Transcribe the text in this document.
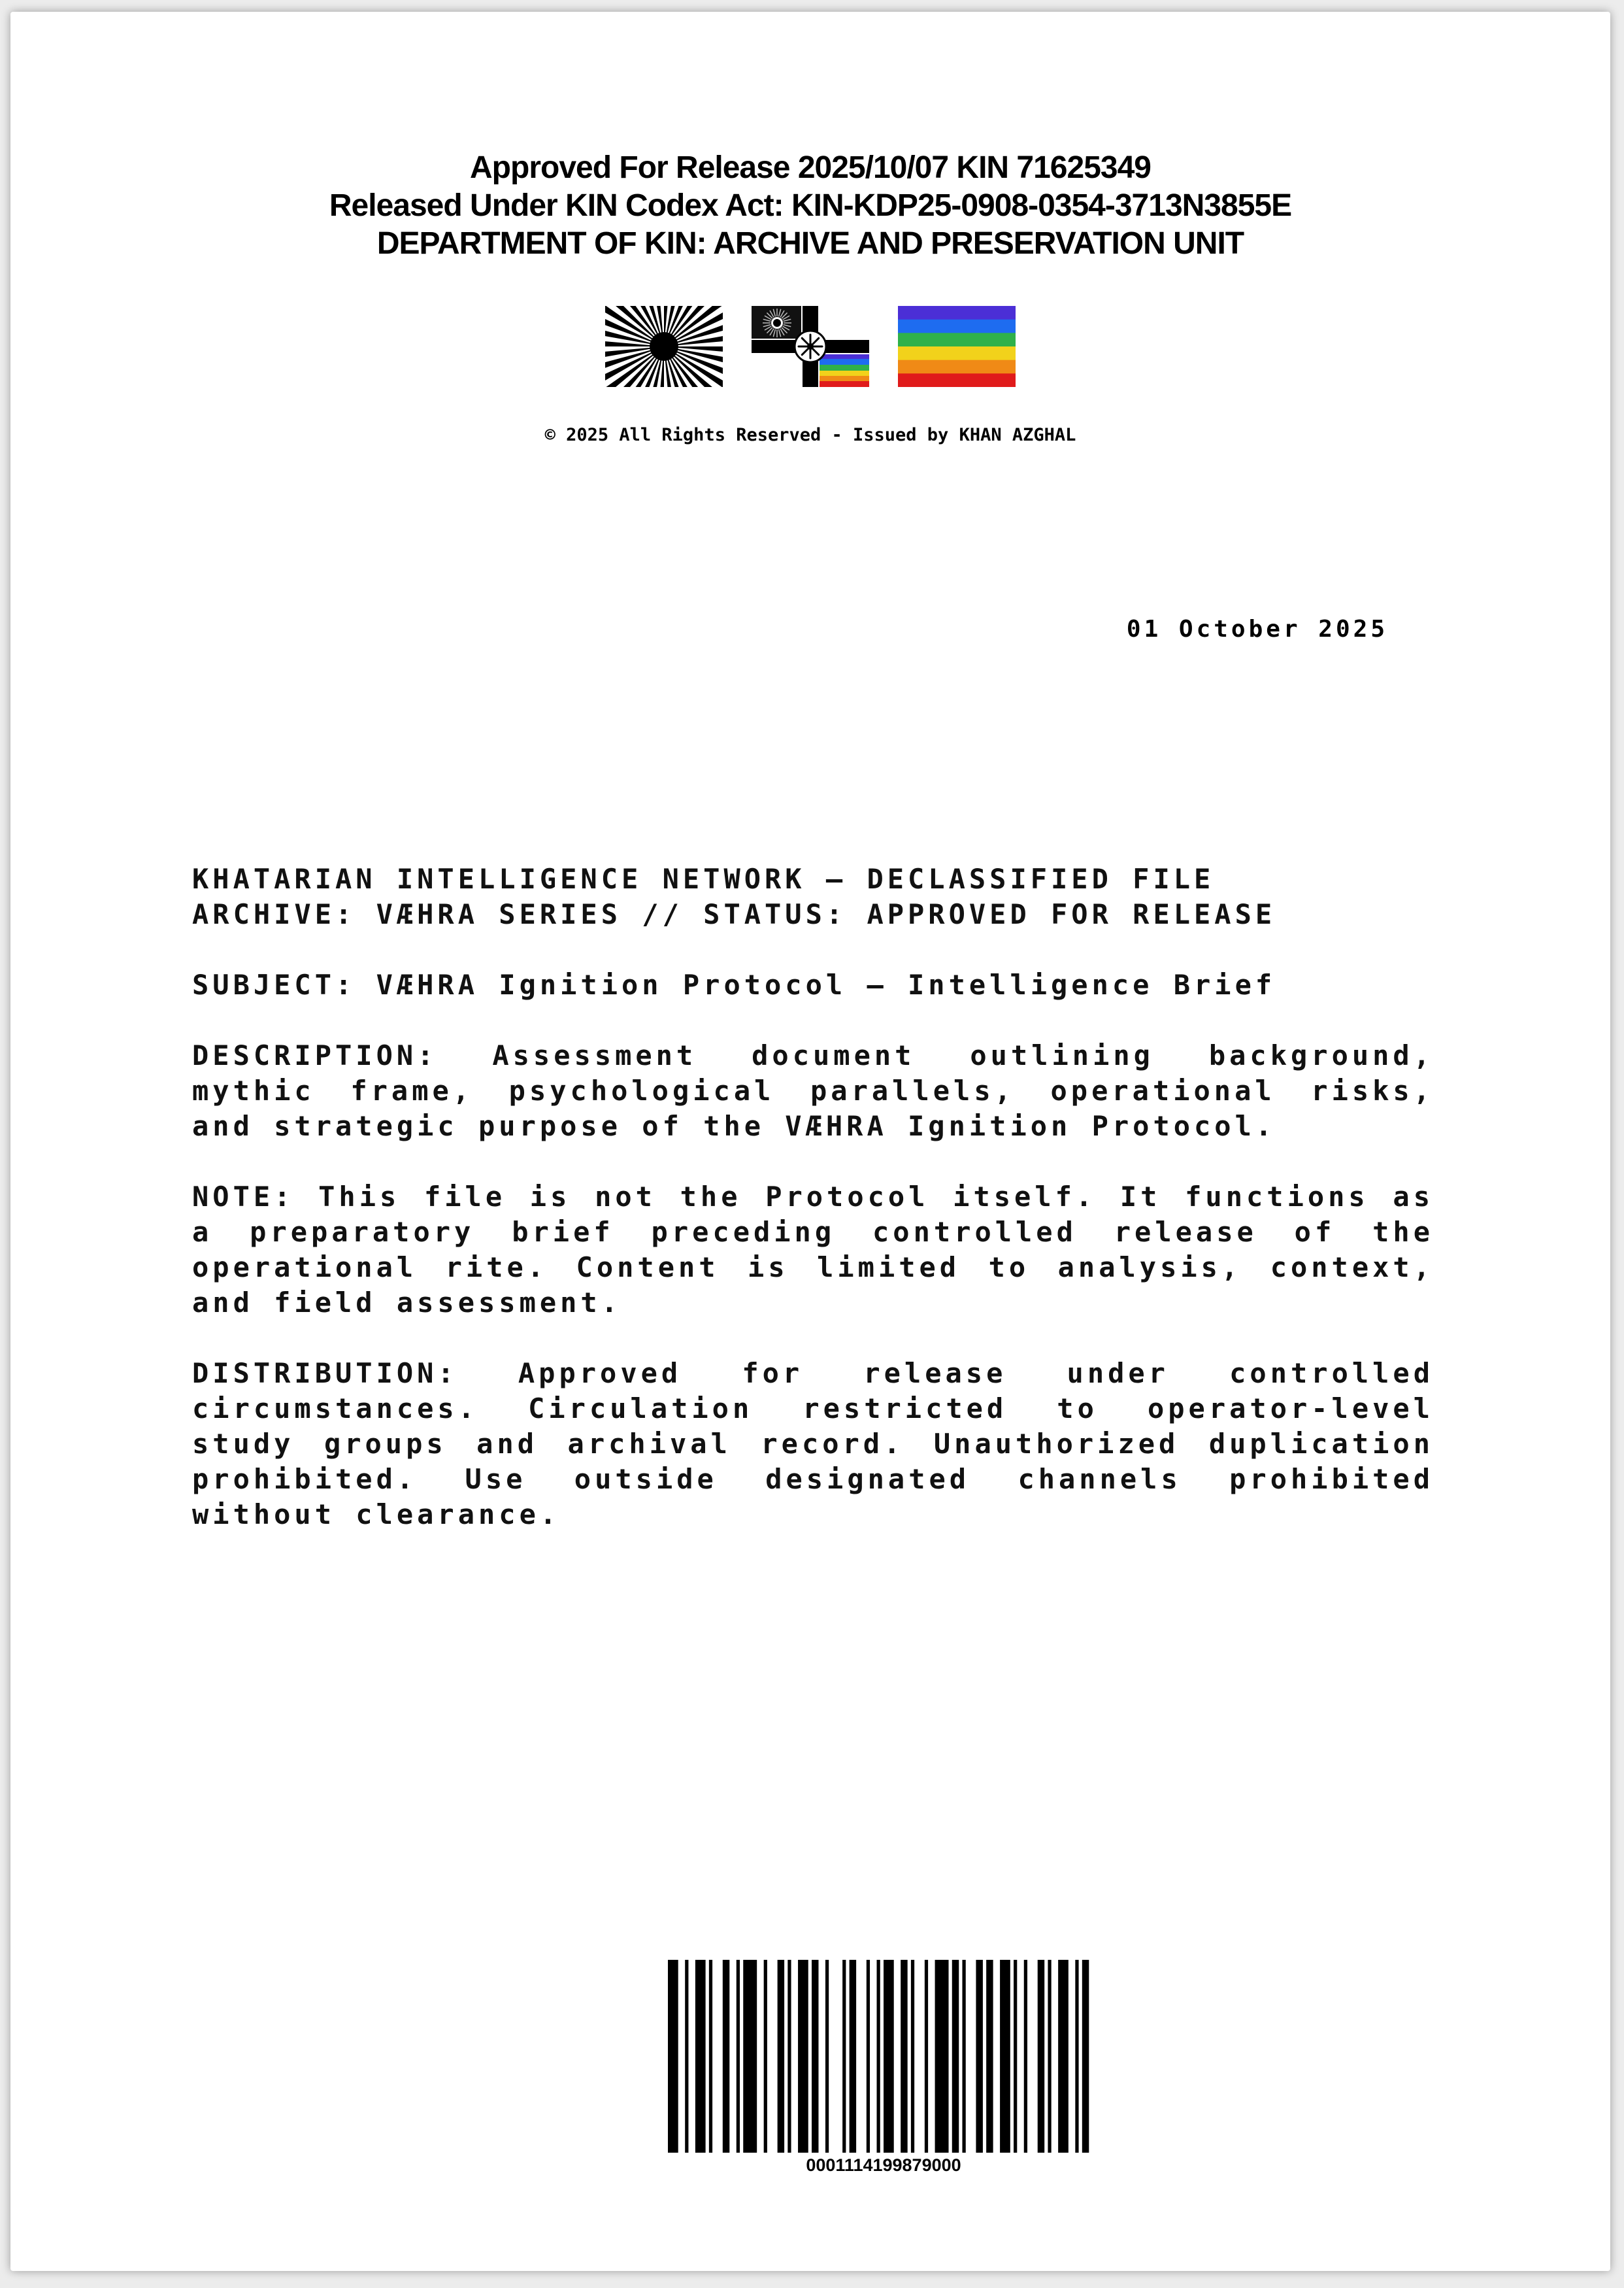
Approved For Release 2025/10/07 KIN 71625349
Released Under KIN Codex Act: KIN-KDP25-0908-0354-3713N3855E
DEPARTMENT OF KIN: ARCHIVE AND PRESERVATION UNIT
© 2025 All Rights Reserved - Issued by KHAN AZGHAL
01 October 2025

KHATARIAN INTELLIGENCE NETWORK — DECLASSIFIED FILE
ARCHIVE: VÆHRA SERIES // STATUS: APPROVED FOR RELEASE

SUBJECT: VÆHRA Ignition Protocol — Intelligence Brief

DESCRIPTION: Assessment document outlining background, mythic frame, psychological parallels, operational risks, and strategic purpose of the VÆHRA Ignition Protocol.

NOTE: This file is not the Protocol itself. It functions as a preparatory brief preceding controlled release of the operational rite. Content is limited to analysis, context, and field assessment.

DISTRIBUTION: Approved for release under controlled circumstances. Circulation restricted to operator-level study groups and archival record. Unauthorized duplication prohibited. Use outside designated channels prohibited without clearance.

0001114199879000
